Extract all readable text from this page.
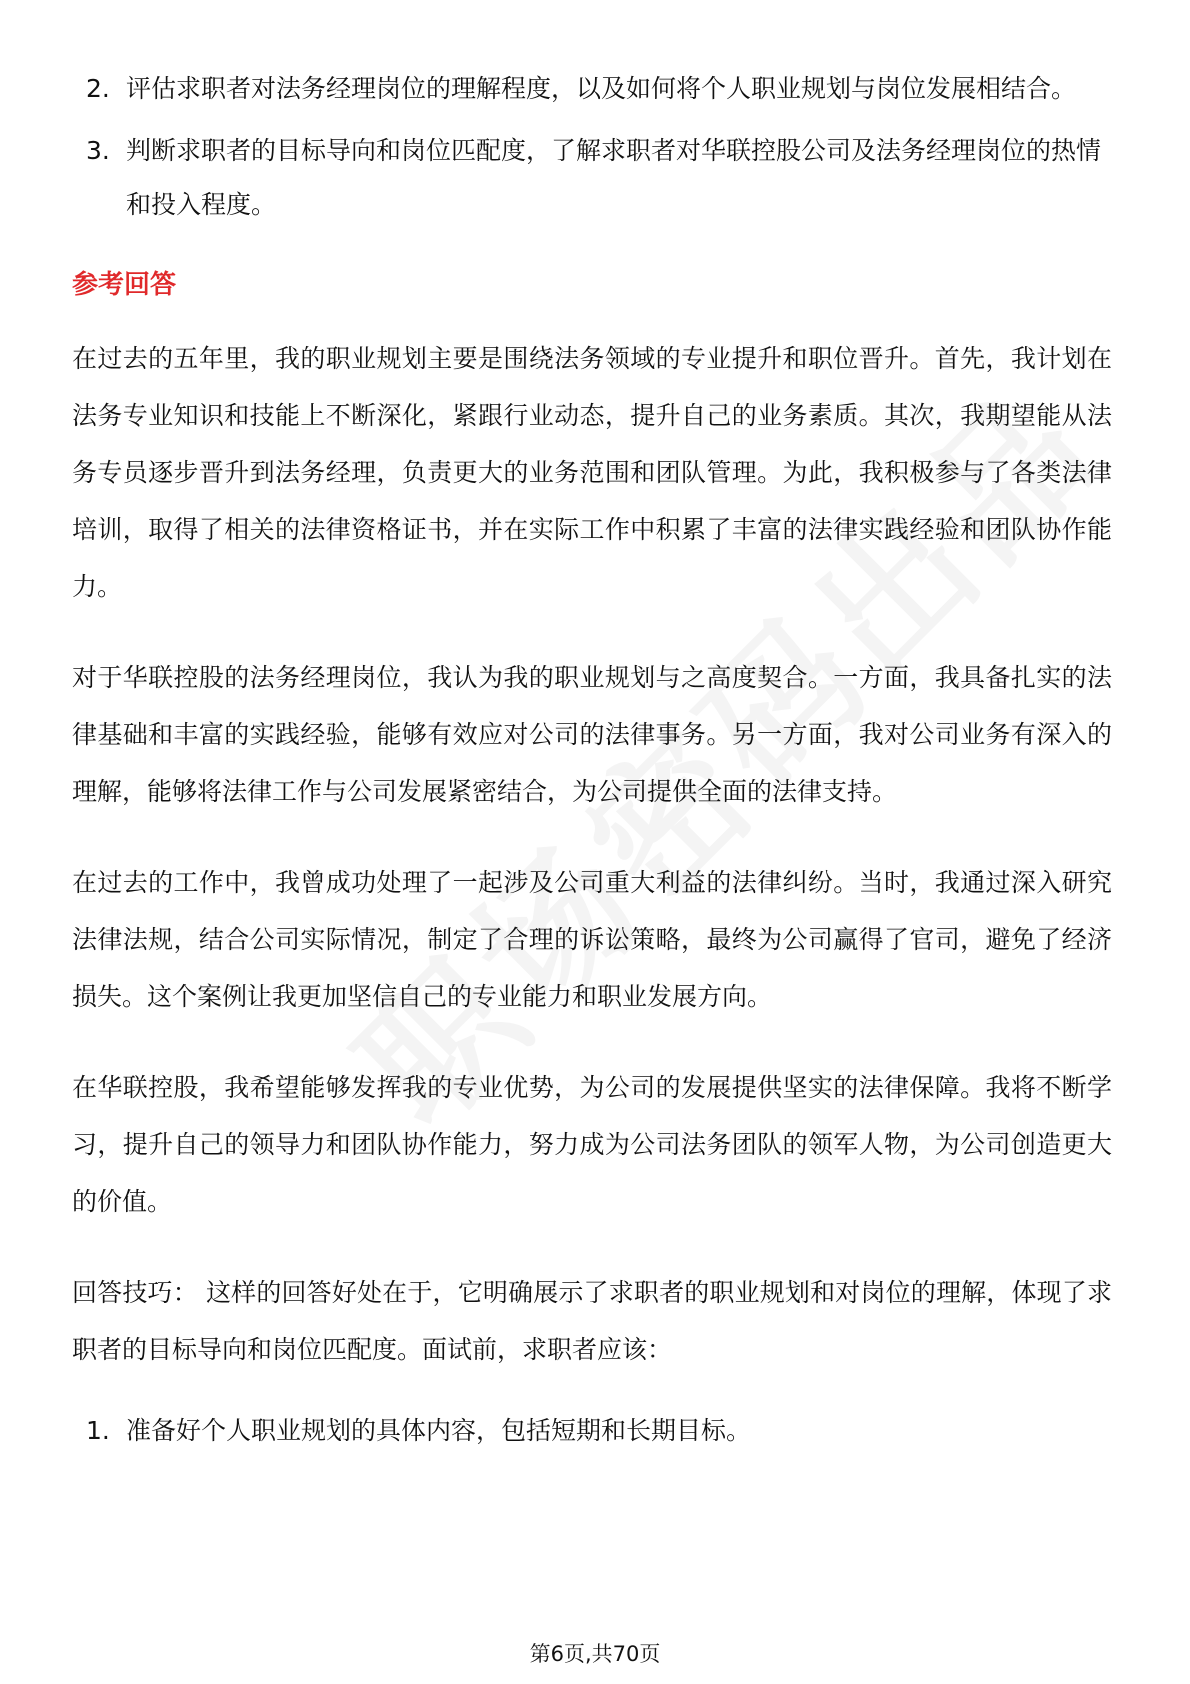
2. 评估求职者对法务经理岗位的理解程度，以及如何将个人职业规划与岗位发展相结合。
3. 判断求职者的目标导向和岗位匹配度，了解求职者对华联控股公司及法务经理岗位的热情和投入程度。
参考回答

在过去的五年里，我的职业规划主要是围绕法务领域的专业提升和职位晋升。首先，我计划在法务专业知识和技能上不断深化，紧跟行业动态，提升自己的业务素质。其次，我期望能从法务专员逐步晋升到法务经理，负责更大的业务范围和团队管理。为此，我积极参与了各类法律培训，取得了相关的法律资格证书，并在实际工作中积累了丰富的法律实践经验和团队协作能力。

对于华联控股的法务经理岗位，我认为我的职业规划与之高度契合。一方面，我具备扎实的法律基础和丰富的实践经验，能够有效应对公司的法律事务。另一方面，我对公司业务有深入的理解，能够将法律工作与公司发展紧密结合，为公司提供全面的法律支持。

在过去的工作中，我曾成功处理了一起涉及公司重大利益的法律纠纷。当时，我通过深入研究法律法规，结合公司实际情况，制定了合理的诉讼策略，最终为公司赢得了官司，避免了经济损失。这个案例让我更加坚信自己的专业能力和职业发展方向。

在华联控股，我希望能够发挥我的专业优势，为公司的发展提供坚实的法律保障。我将不断学习，提升自己的领导力和团队协作能力，努力成为公司法务团队的领军人物，为公司创造更大的价值。

回答技巧： 这样的回答好处在于，它明确展示了求职者的职业规划和对岗位的理解，体现了求职者的目标导向和岗位匹配度。面试前，求职者应该：

1. 准备好个人职业规划的具体内容，包括短期和长期目标。
第6页,共70页
